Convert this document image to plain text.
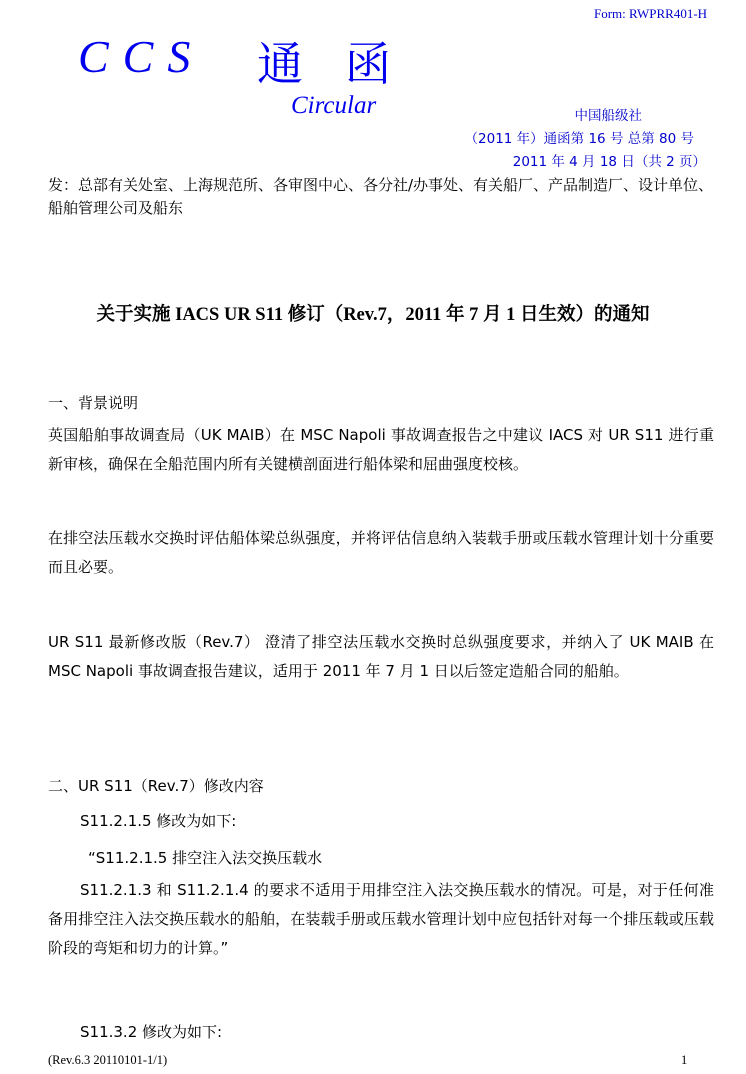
Form: RWPRR401-H
CCS 通函
Circular	中国船级社
（2011 年）通函第 16 号 总第 80 号
2011 年 4 月 18 日（共 2 页）
发：总部有关处室、上海规范所、各审图中心、各分社/办事处、有关船厂、产品制造厂、设计单位、船舶管理公司及船东
关于实施 IACS UR S11 修订（Rev.7，2011 年 7 月 1 日生效）的通知
一、背景说明
英国船舶事故调查局（UK MAIB）在 MSC Napoli 事故调查报告之中建议 IACS 对 UR S11 进行重新审核，确保在全船范围内所有关键横剖面进行船体梁和屈曲强度校核。
在排空法压载水交换时评估船体梁总纵强度，并将评估信息纳入装载手册或压载水管理计划十分重要而且必要。
UR S11 最新修改版（Rev.7） 澄清了排空法压载水交换时总纵强度要求，并纳入了 UK MAIB 在 MSC Napoli 事故调查报告建议，适用于 2011 年 7 月 1 日以后签定造船合同的船舶。
二、UR S11（Rev.7）修改内容
S11.2.1.5 修改为如下:
“S11.2.1.5 排空注入法交换压载水
S11.2.1.3 和 S11.2.1.4 的要求不适用于用排空注入法交换压载水的情况。可是，对于任何准备用排空注入法交换压载水的船舶，在装载手册或压载水管理计划中应包括针对每一个排压载或压载阶段的弯矩和切力的计算。”
S11.3.2 修改为如下:
(Rev.6.3 20110101-1/1)	1
